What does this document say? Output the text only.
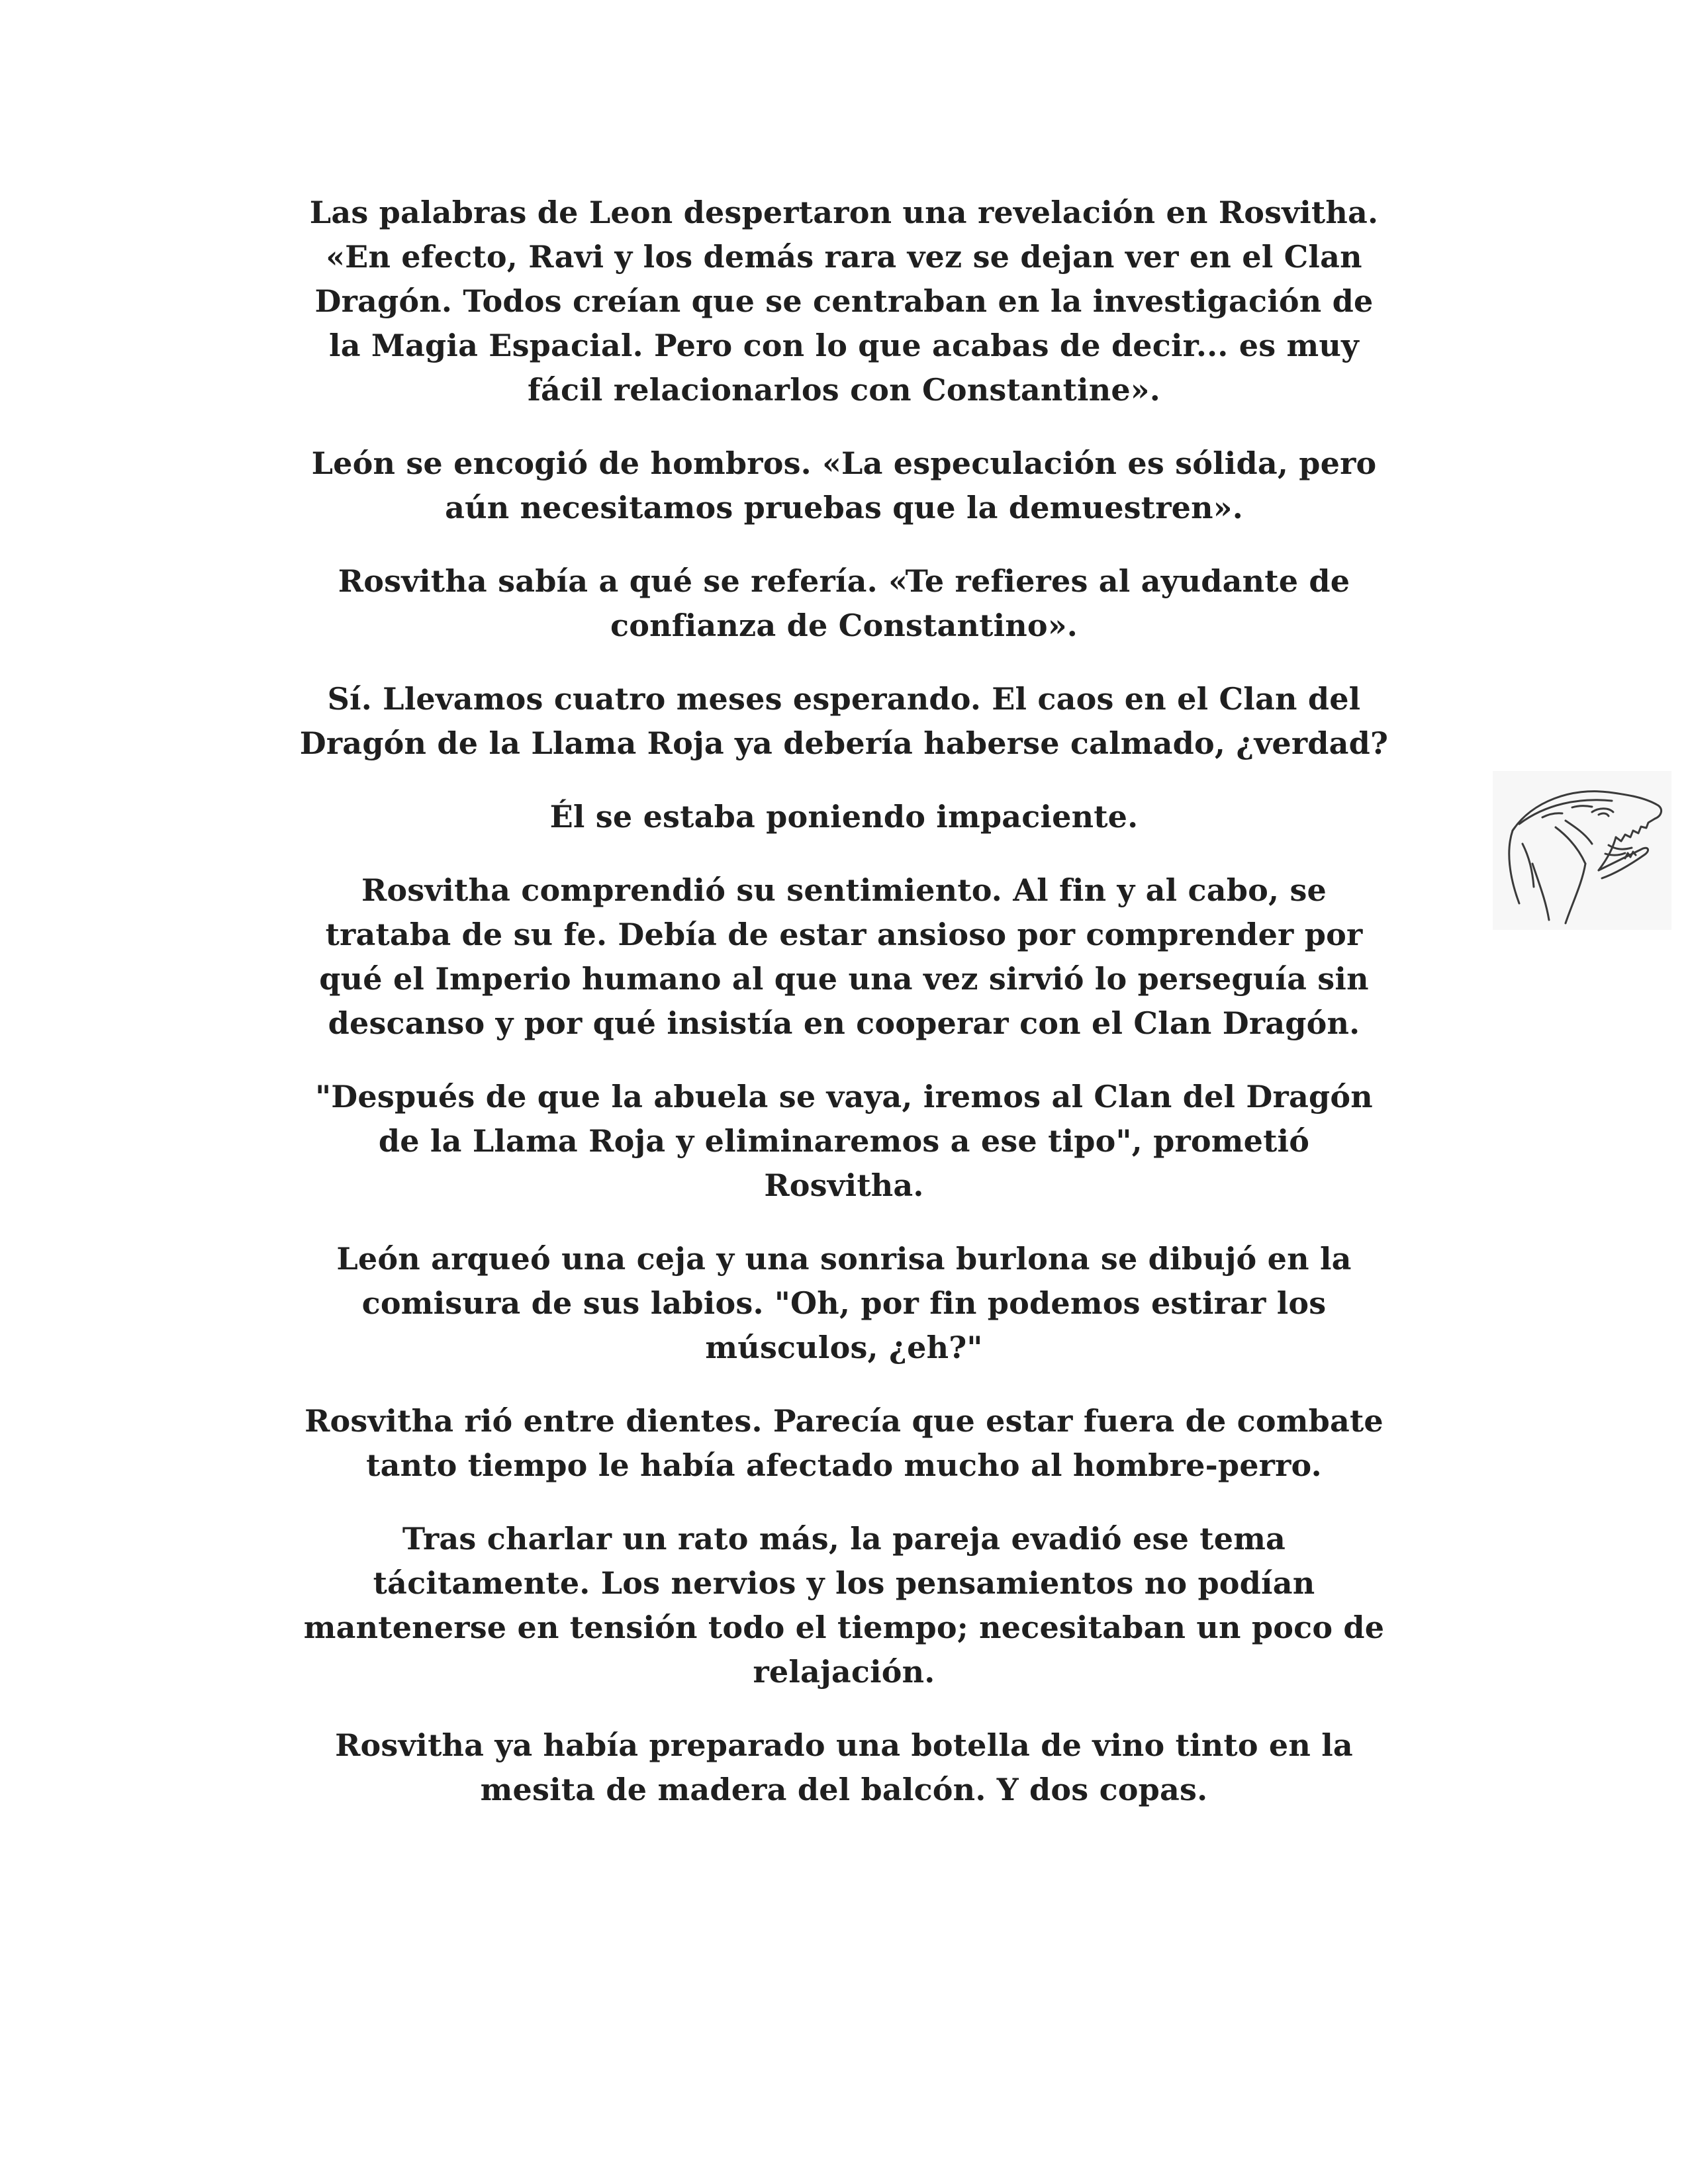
Las palabras de Leon despertaron una revelación en Rosvitha.
«En efecto, Ravi y los demás rara vez se dejan ver en el Clan
Dragón. Todos creían que se centraban en la investigación de
la Magia Espacial. Pero con lo que acabas de decir... es muy
fácil relacionarlos con Constantine».

León se encogió de hombros. «La especulación es sólida, pero
aún necesitamos pruebas que la demuestren».

Rosvitha sabía a qué se refería. «Te refieres al ayudante de
confianza de Constantino».

Sí. Llevamos cuatro meses esperando. El caos en el Clan del
Dragón de la Llama Roja ya debería haberse calmado, ¿verdad?

Él se estaba poniendo impaciente.

Rosvitha comprendió su sentimiento. Al fin y al cabo, se
trataba de su fe. Debía de estar ansioso por comprender por
qué el Imperio humano al que una vez sirvió lo perseguía sin
descanso y por qué insistía en cooperar con el Clan Dragón.

"Después de que la abuela se vaya, iremos al Clan del Dragón
de la Llama Roja y eliminaremos a ese tipo", prometió
Rosvitha.

León arqueó una ceja y una sonrisa burlona se dibujó en la
comisura de sus labios. "Oh, por fin podemos estirar los
músculos, ¿eh?"

Rosvitha rió entre dientes. Parecía que estar fuera de combate
tanto tiempo le había afectado mucho al hombre-perro.

Tras charlar un rato más, la pareja evadió ese tema
tácitamente. Los nervios y los pensamientos no podían
mantenerse en tensión todo el tiempo; necesitaban un poco de
relajación.

Rosvitha ya había preparado una botella de vino tinto en la
mesita de madera del balcón. Y dos copas.
